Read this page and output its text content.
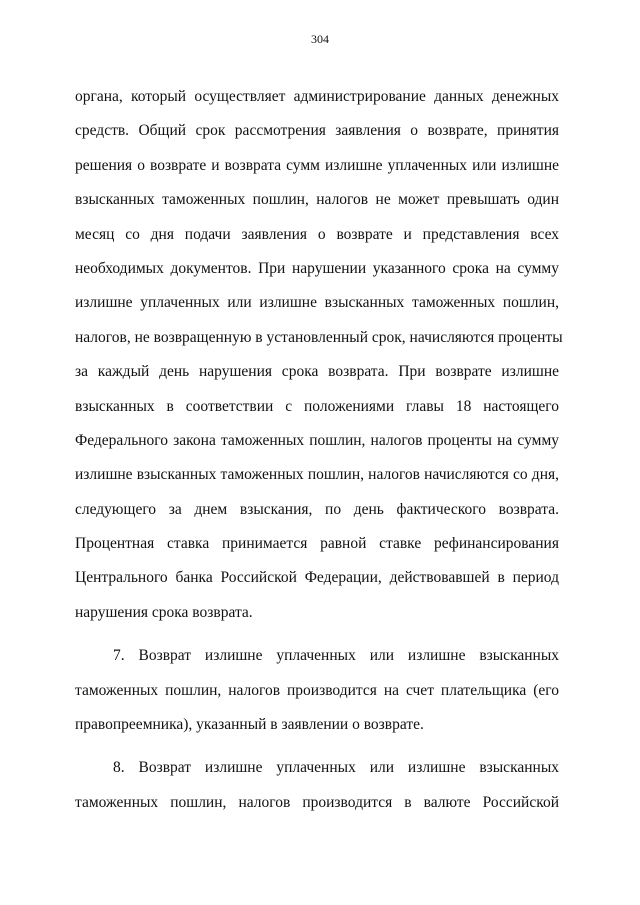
304
органа, который осуществляет администрирование данных денежных
средств. Общий срок рассмотрения заявления о возврате, принятия
решения о возврате и возврата сумм излишне уплаченных или излишне
взысканных таможенных пошлин, налогов не может превышать один
месяц со дня подачи заявления о возврате и представления всех
необходимых документов. При нарушении указанного срока на сумму
излишне уплаченных или излишне взысканных таможенных пошлин,
налогов, не возвращенную в установленный срок, начисляются проценты
за каждый день нарушения срока возврата. При возврате излишне
взысканных в соответствии с положениями главы 18 настоящего
Федерального закона таможенных пошлин, налогов проценты на сумму
излишне взысканных таможенных пошлин, налогов начисляются со дня,
следующего за днем взыскания, по день фактического возврата.
Процентная ставка принимается равной ставке рефинансирования
Центрального банка Российской Федерации, действовавшей в период
нарушения срока возврата.
7. Возврат излишне уплаченных или излишне взысканных
таможенных пошлин, налогов производится на счет плательщика (его
правопреемника), указанный в заявлении о возврате.
8. Возврат излишне уплаченных или излишне взысканных
таможенных пошлин, налогов производится в валюте Российской
